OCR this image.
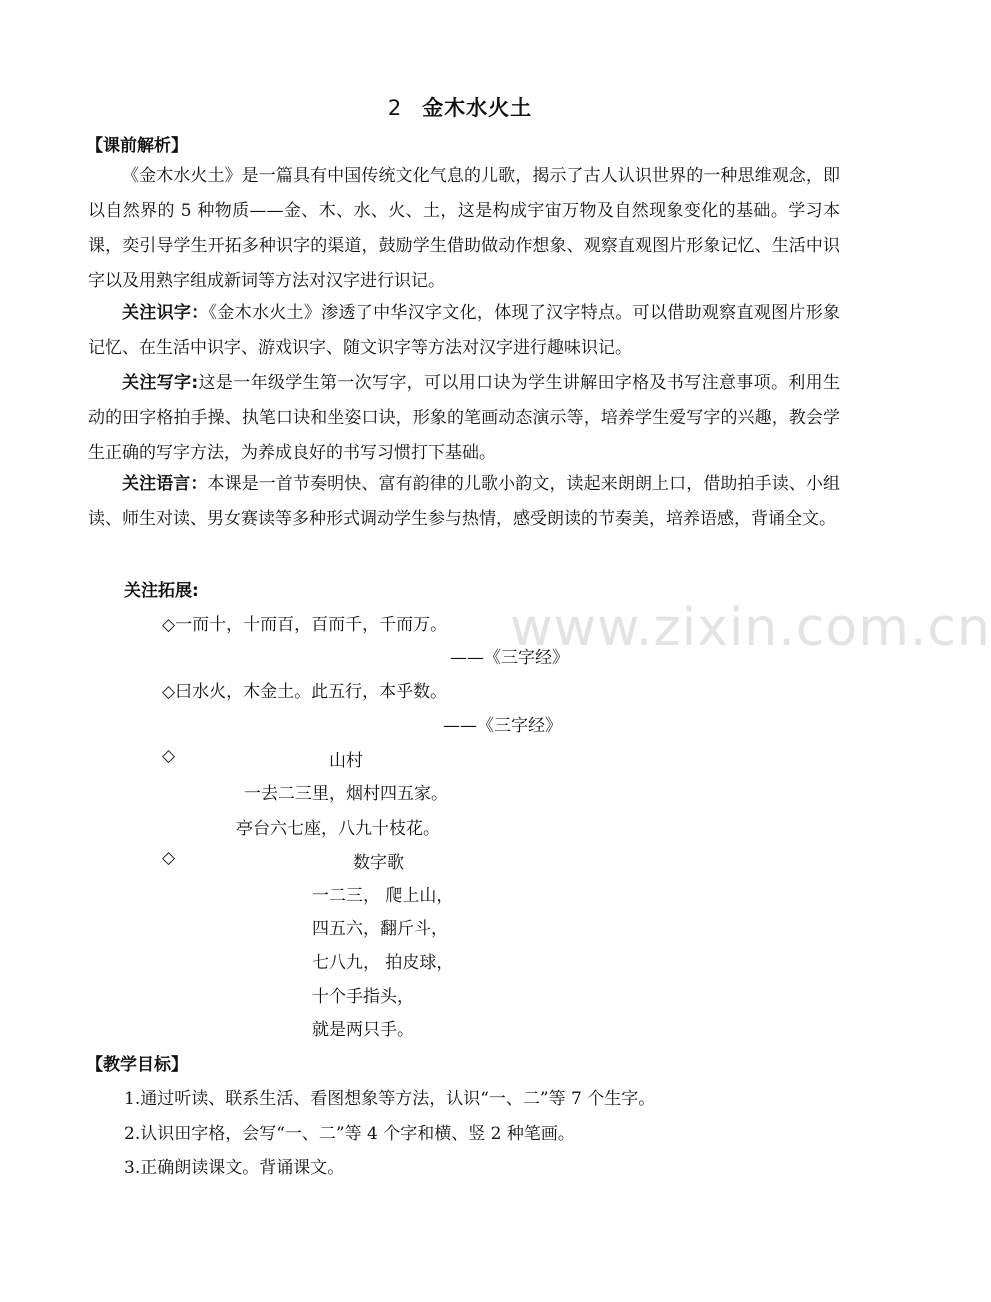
www.zixin.com.cn
2 金木水火土
【课前解析】

《金木水火土》是一篇具有中国传统文化气息的儿歌，揭示了古人认识世界的一种思维观念，即以自然界的 5 种物质——金、木、水、火、土，这是构成宇宙万物及自然现象变化的基础。学习本课，奕引导学生开拓多种识字的渠道，鼓励学生借助做动作想象、观察直观图片形象记忆、生活中识字以及用熟字组成新词等方法对汉字进行识记。

关注识字：《金木水火土》渗透了中华汉字文化，体现了汉字特点。可以借助观察直观图片形象记忆、在生活中识字、游戏识字、随文识字等方法对汉字进行趣味识记。

关注写字:这是一年级学生第一次写字，可以用口诀为学生讲解田字格及书写注意事项。利用生动的田字格拍手操、执笔口诀和坐姿口诀，形象的笔画动态演示等，培养学生爱写字的兴趣，教会学生正确的写字方法，为养成良好的书写习惯打下基础。

关注语言：本课是一首节奏明快、富有韵律的儿歌小韵文，读起来朗朗上口，借助拍手读、小组读、师生对读、男女赛读等多种形式调动学生参与热情，感受朗读的节奏美，培养语感，背诵全文。

关注拓展:
◇一而十，十而百，百而千，千而万。
——《三字经》
◇曰水火，木金土。此五行，本乎数。
——《三字经》
◇	山村
一去二三里，烟村四五家。
亭台六七座，八九十枝花。
◇	数字歌
一二三， 爬上山，
四五六，翻斤斗，
七八九， 拍皮球，
十个手指头，
就是两只手。
【教学目标】
1.通过听读、联系生活、看图想象等方法，认识“一、二”等 7 个生字。
2.认识田字格，会写“一、二”等 4 个字和横、竖 2 种笔画。
3.正确朗读课文。背诵课文。
